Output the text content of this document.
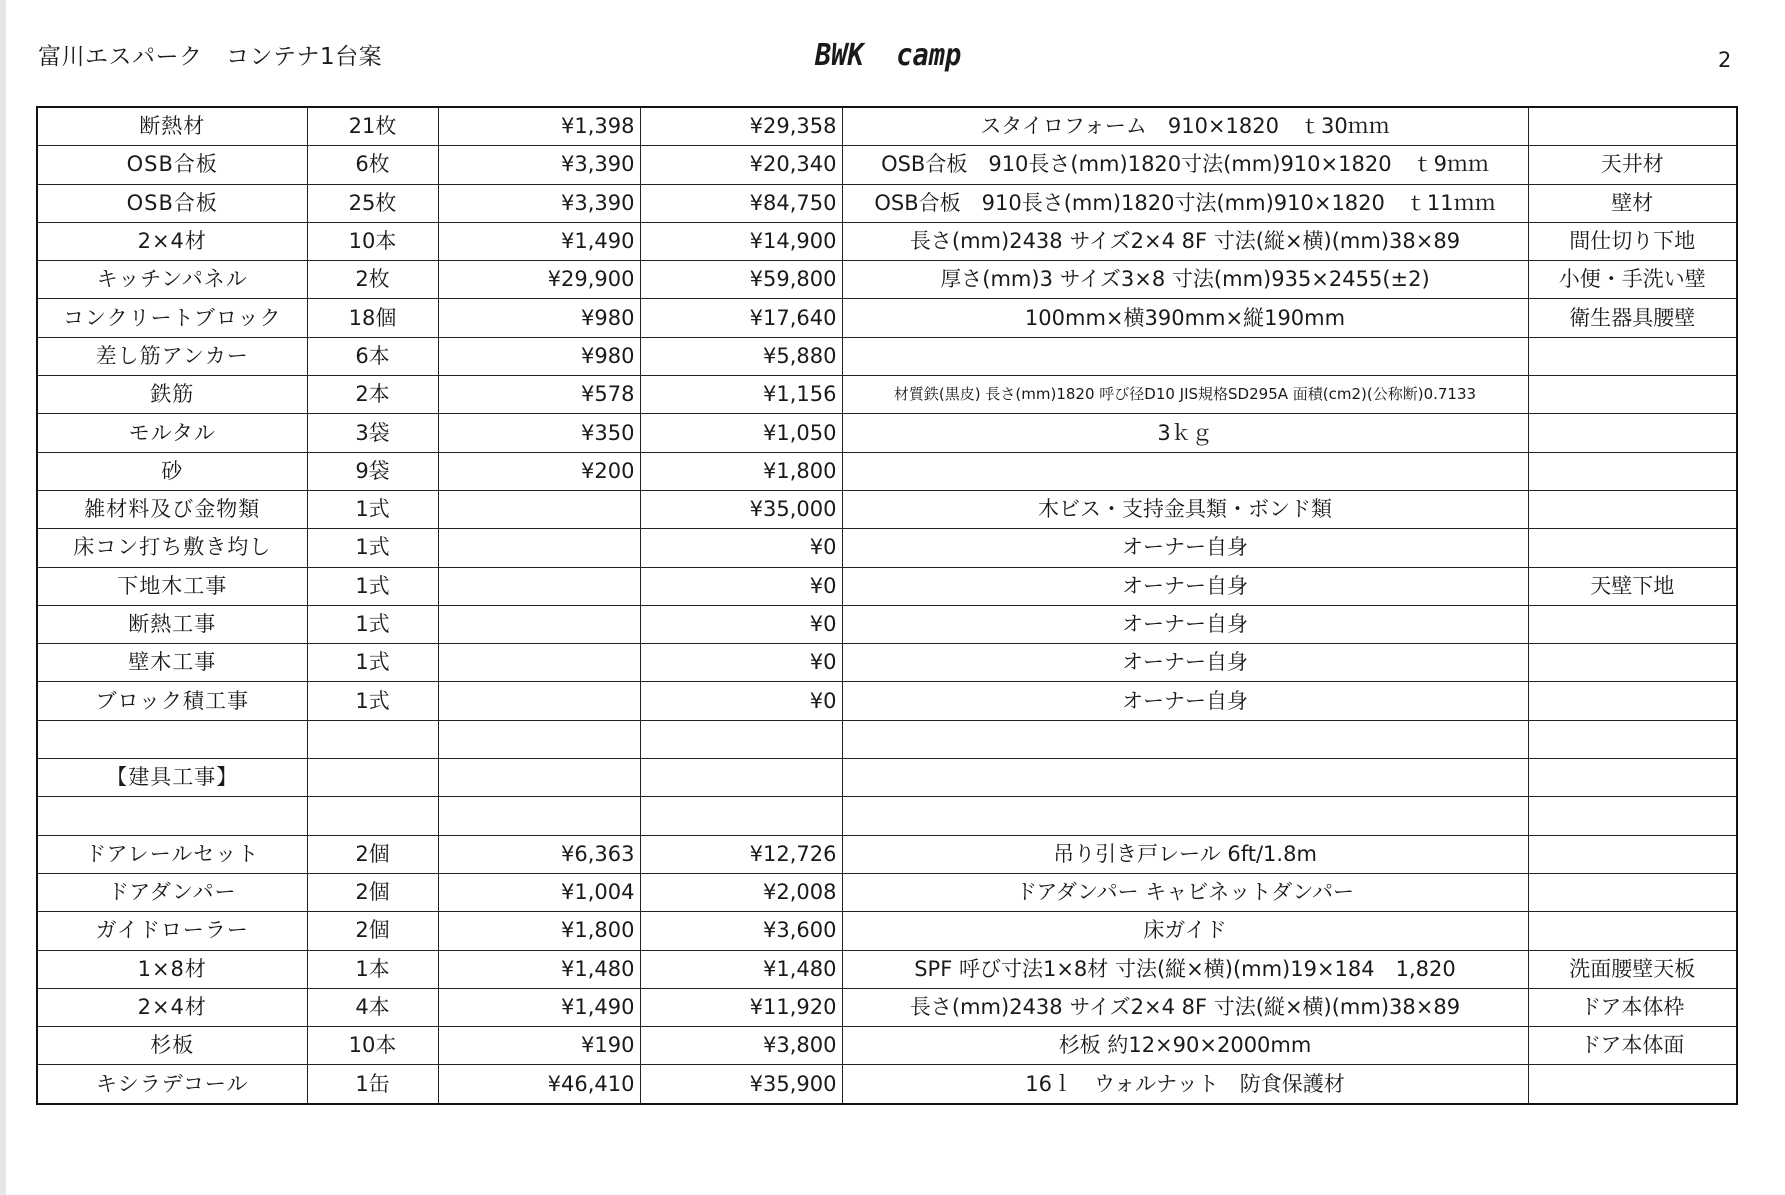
富川エスパーク　コンテナ1台案	BWK  camp	2
断熱材	21枚	¥1,398	¥29,358	スタイロフォーム　910×1820　ｔ30ｍｍ	
OSB合板	6枚	¥3,390	¥20,340	OSB合板　910長さ(mm)1820寸法(mm)910×1820　ｔ9ｍｍ	天井材
OSB合板	25枚	¥3,390	¥84,750	OSB合板　910長さ(mm)1820寸法(mm)910×1820　ｔ11ｍｍ	壁材
2×4材	10本	¥1,490	¥14,900	長さ(mm)2438 サイズ2×4 8F 寸法(縦×横)(mm)38×89	間仕切り下地
キッチンパネル	2枚	¥29,900	¥59,800	厚さ(mm)3 サイズ3×8 寸法(mm)935×2455(±2)	小便・手洗い壁
コンクリートブロック	18個	¥980	¥17,640	100mm×横390mm×縦190mm	衛生器具腰壁
差し筋アンカー	6本	¥980	¥5,880		
鉄筋	2本	¥578	¥1,156	材質鉄(黒皮) 長さ(mm)1820 呼び径D10 JIS規格SD295A 面積(cm2)(公称断)0.7133	
モルタル	3袋	¥350	¥1,050	3ｋｇ	
砂	9袋	¥200	¥1,800		
雑材料及び金物類	1式		¥35,000	木ビス・支持金具類・ボンド類	
床コン打ち敷き均し	1式		¥0	オーナー自身	
下地木工事	1式		¥0	オーナー自身	天壁下地
断熱工事	1式		¥0	オーナー自身	
壁木工事	1式		¥0	オーナー自身	
ブロック積工事	1式		¥0	オーナー自身	

【建具工事】					

ドアレールセット	2個	¥6,363	¥12,726	吊り引き戸レール 6ft/1.8m	
ドアダンパー	2個	¥1,004	¥2,008	ドアダンパー キャビネットダンパー	
ガイドローラー	2個	¥1,800	¥3,600	床ガイド	
1×8材	1本	¥1,480	¥1,480	SPF 呼び寸法1×8材 寸法(縦×横)(mm)19×184　1,820	洗面腰壁天板
2×4材	4本	¥1,490	¥11,920	長さ(mm)2438 サイズ2×4 8F 寸法(縦×横)(mm)38×89	ドア本体枠
杉板	10本	¥190	¥3,800	杉板 約12×90×2000mm	ドア本体面
キシラデコール	1缶	¥46,410	¥35,900	16ｌ　ウォルナット　防食保護材	
